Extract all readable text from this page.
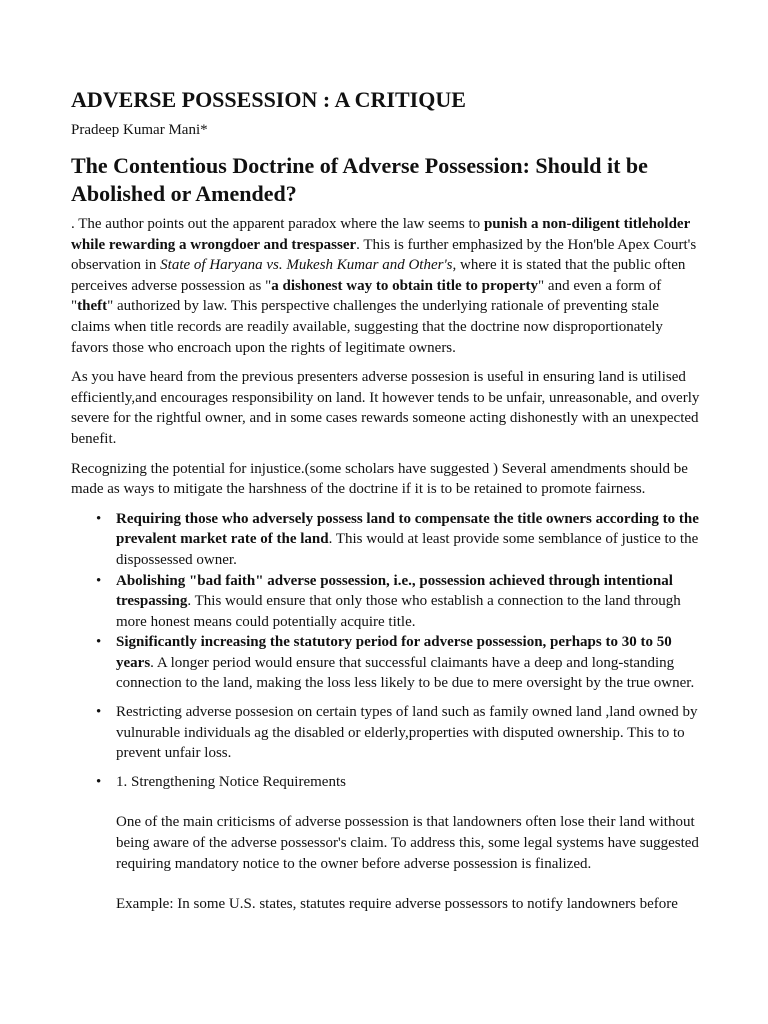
ADVERSE POSSESSION : A CRITIQUE

Pradeep Kumar Mani*

The Contentious Doctrine of Adverse Possession: Should it be Abolished or Amended?

. The author points out the apparent paradox where the law seems to punish a non-diligent titleholder while rewarding a wrongdoer and trespasser. This is further emphasized by the Hon'ble Apex Court's observation in State of Haryana vs. Mukesh Kumar and Other's, where it is stated that the public often perceives adverse possession as "a dishonest way to obtain title to property" and even a form of "theft" authorized by law. This perspective challenges the underlying rationale of preventing stale claims when title records are readily available, suggesting that the doctrine now disproportionately favors those who encroach upon the rights of legitimate owners.

As you have heard from the previous presenters adverse possesion is useful in ensuring land is utilised efficiently,and encourages responsibility on land. It however tends to be unfair, unreasonable, and overly severe for the rightful owner, and in some cases rewards someone acting dishonestly with an unexpected benefit.

Recognizing the potential for injustice.(some scholars have suggested ) Several amendments should be made as ways to mitigate the harshness of the doctrine if it is to be retained to promote fairness.

• Requiring those who adversely possess land to compensate the title owners according to the prevalent market rate of the land. This would at least provide some semblance of justice to the dispossessed owner.
• Abolishing "bad faith" adverse possession, i.e., possession achieved through intentional trespassing. This would ensure that only those who establish a connection to the land through more honest means could potentially acquire title.
• Significantly increasing the statutory period for adverse possession, perhaps to 30 to 50 years. A longer period would ensure that successful claimants have a deep and long-standing connection to the land, making the loss less likely to be due to mere oversight by the true owner.
• Restricting adverse possesion on certain types of land such as family owned land ,land owned by vulnurable individuals ag the disabled or elderly,properties with disputed ownership. This to to prevent unfair loss.
• 1. Strengthening Notice Requirements
One of the main criticisms of adverse possession is that landowners often lose their land without being aware of the adverse possessor's claim. To address this, some legal systems have suggested requiring mandatory notice to the owner before adverse possession is finalized.
Example: In some U.S. states, statutes require adverse possessors to notify landowners before
